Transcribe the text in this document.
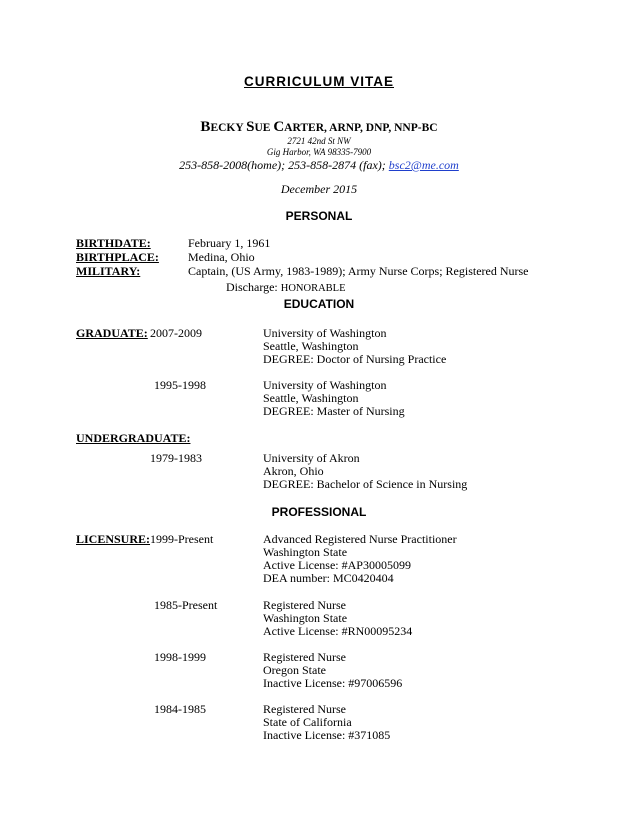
CURRICULUM VITAE
BECKY SUE CARTER, ARNP, DNP, NNP-BC
2721 42nd St NW
Gig Harbor, WA 98335-7900
253-858-2008(home); 253-858-2874 (fax); bsc2@me.com
December 2015
PERSONAL
BIRTHDATE:	February 1, 1961
BIRTHPLACE: Medina, Ohio
MILITARY:	Captain, (US Army, 1983-1989); Army Nurse Corps; Registered Nurse
Discharge: HONORABLE
EDUCATION
GRADUATE: 2007-2009	University of Washington
Seattle, Washington
DEGREE: Doctor of Nursing Practice
1995-1998	University of Washington
Seattle, Washington
DEGREE: Master of Nursing
UNDERGRADUATE:
1979-1983	University of Akron
Akron, Ohio
DEGREE: Bachelor of Science in Nursing
PROFESSIONAL
LICENSURE: 1999-Present	Advanced Registered Nurse Practitioner
Washington State
Active License: #AP30005099
DEA number: MC0420404
1985-Present	Registered Nurse
Washington State
Active License: #RN00095234
1998-1999	Registered Nurse
Oregon State
Inactive License: #97006596
1984-1985	Registered Nurse
State of California
Inactive License: #371085
